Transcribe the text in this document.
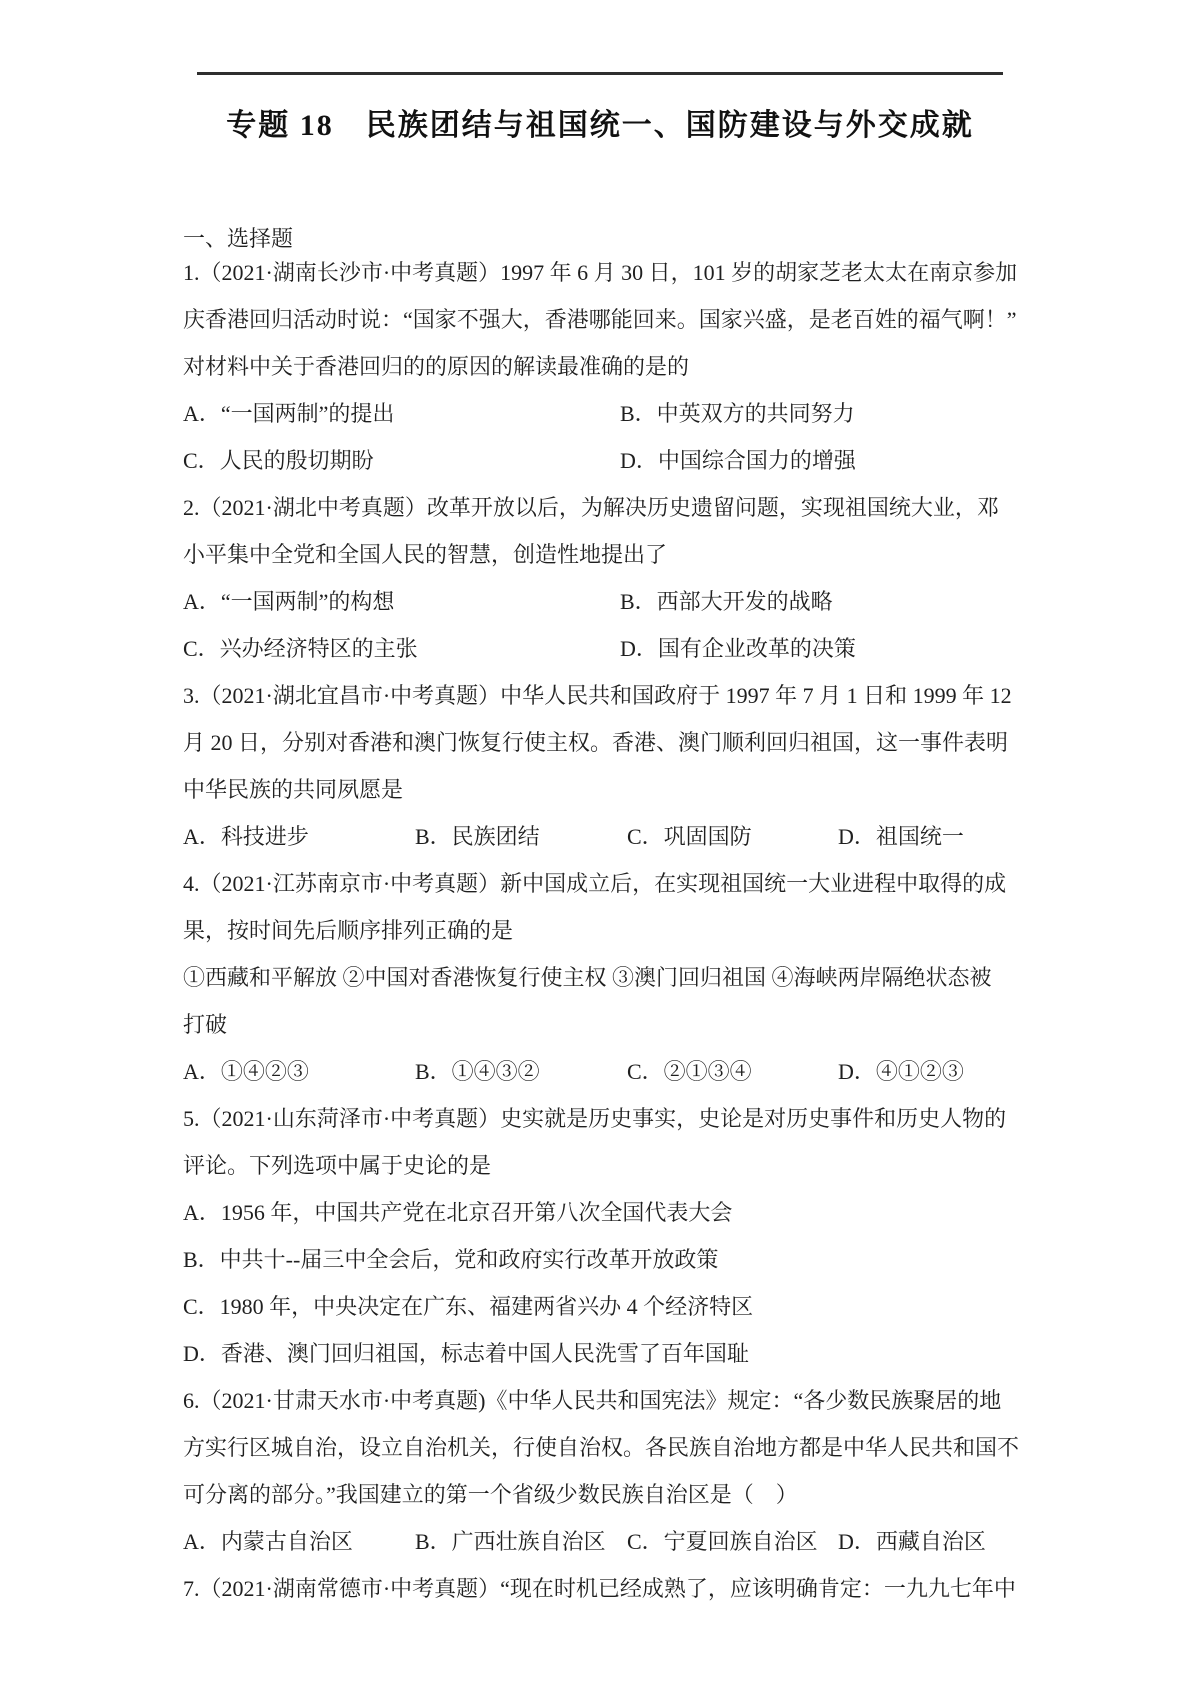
专题 18　民族团结与祖国统一、国防建设与外交成就
一、选择题
1.（2021·湖南长沙市·中考真题）1997 年 6 月 30 日，101 岁的胡家芝老太太在南京参加
庆香港回归活动时说：“国家不强大，香港哪能回来。国家兴盛，是老百姓的福气啊！”
对材料中关于香港回归的的原因的解读最准确的是的
A．“一国两制”的提出	B．中英双方的共同努力
C．人民的殷切期盼	D．中国综合国力的增强
2.（2021·湖北中考真题）改革开放以后，为解决历史遗留问题，实现祖国统大业，邓
小平集中全党和全国人民的智慧，创造性地提出了
A．“一国两制”的构想	B．西部大开发的战略
C．兴办经济特区的主张	D．国有企业改革的决策
3.（2021·湖北宜昌市·中考真题）中华人民共和国政府于 1997 年 7 月 1 日和 1999 年 12
月 20 日，分别对香港和澳门恢复行使主权。香港、澳门顺利回归祖国，这一事件表明
中华民族的共同夙愿是
A．科技进步	B．民族团结	C．巩固国防	D．祖国统一
4.（2021·江苏南京市·中考真题）新中国成立后，在实现祖国统一大业进程中取得的成
果，按时间先后顺序排列正确的是
①西藏和平解放 ②中国对香港恢复行使主权 ③澳门回归祖国 ④海峡两岸隔绝状态被
打破
A．①④②③	B．①④③②	C．②①③④	D．④①②③
5.（2021·山东菏泽市·中考真题）史实就是历史事实，史论是对历史事件和历史人物的
评论。下列选项中属于史论的是
A．1956 年，中国共产党在北京召开第八次全国代表大会
B．中共十--届三中全会后，党和政府实行改革开放政策
C．1980 年，中央决定在广东、福建两省兴办 4 个经济特区
D．香港、澳门回归祖国，标志着中国人民洗雪了百年国耻
6.（2021·甘肃天水市·中考真题)《中华人民共和国宪法》规定：“各少数民族聚居的地
方实行区城自治，设立自治机关，行使自治权。各民族自治地方都是中华人民共和国不
可分离的部分。”我国建立的第一个省级少数民族自治区是（　）
A．内蒙古自治区	B．广西壮族自治区 C．宁夏回族自治区 D．西藏自治区
7.（2021·湖南常德市·中考真题）“现在时机已经成熟了，应该明确肯定：一九九七年中
